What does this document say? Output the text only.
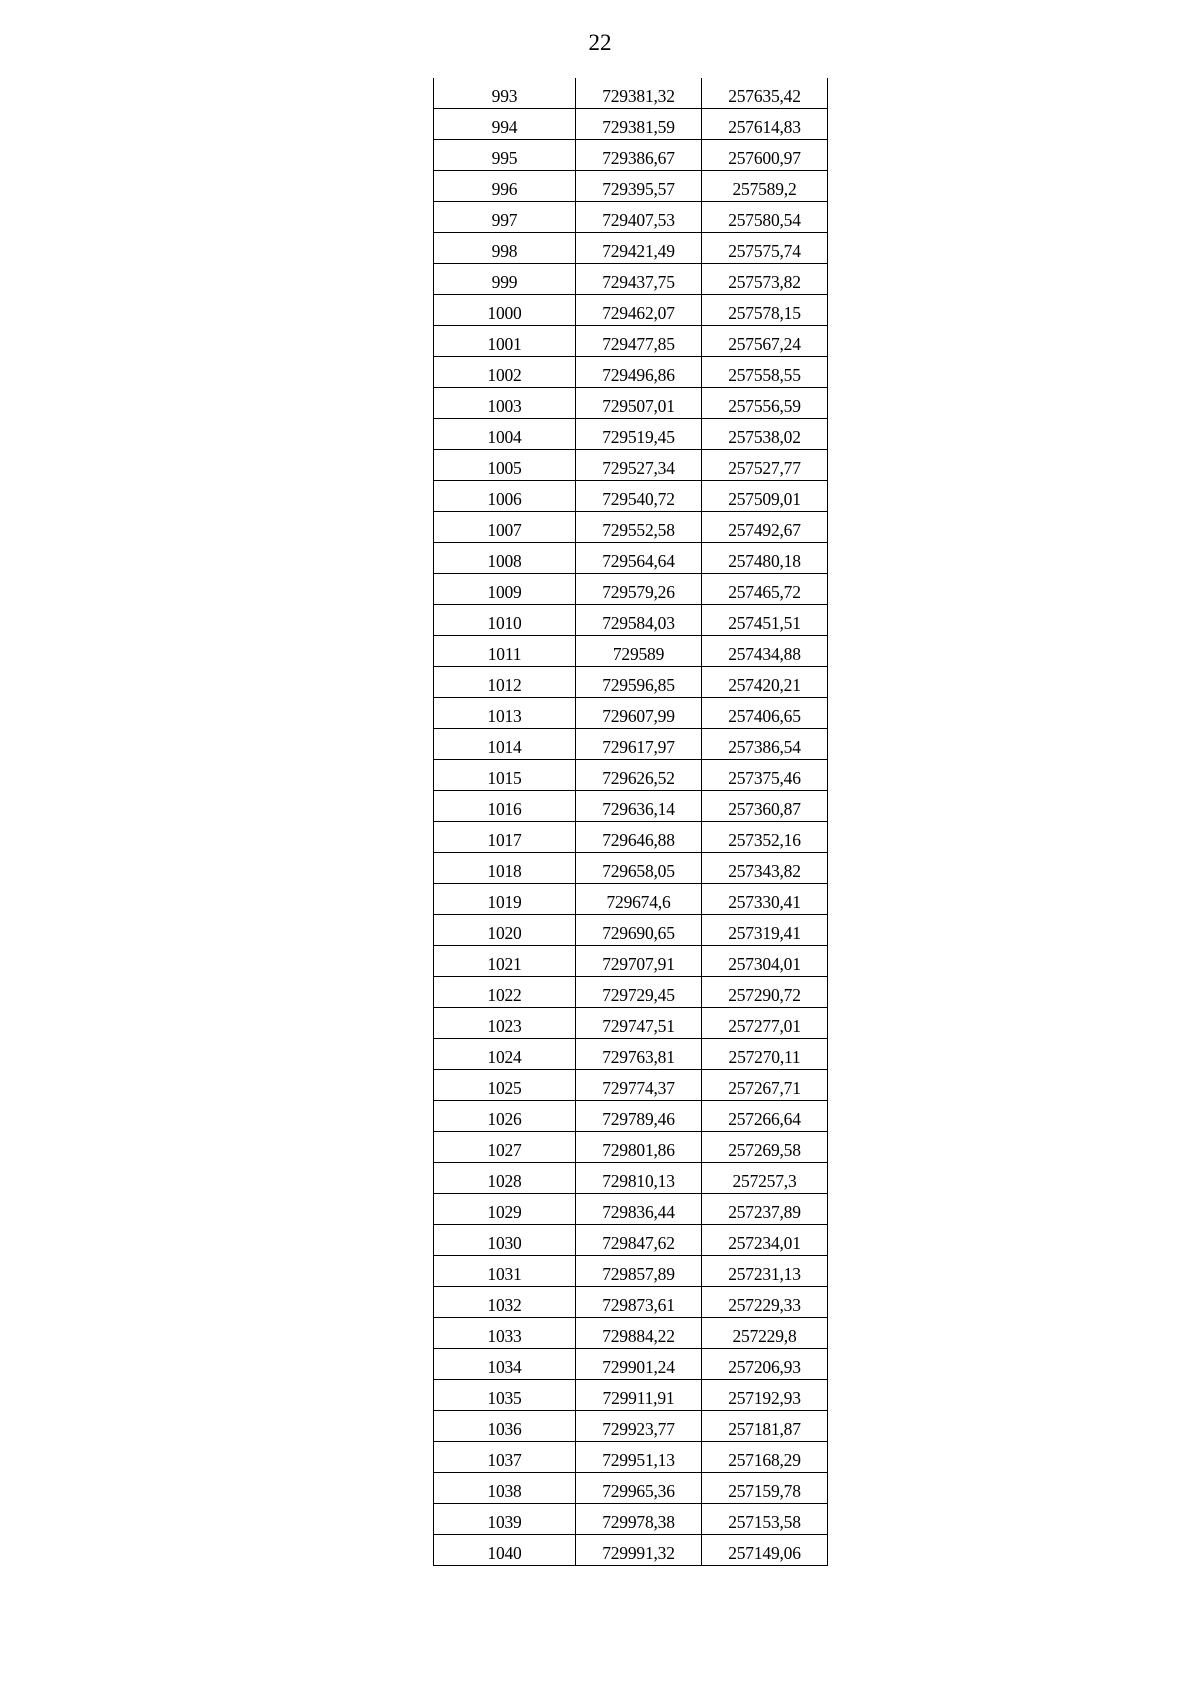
22
993	729381,32	257635,42

994	729381,59	257614,83

995	729386,67	257600,97

996	729395,57	257589,2

997	729407,53	257580,54

998	729421,49	257575,74

999	729437,75	257573,82

1000	729462,07	257578,15

1001	729477,85	257567,24

1002	729496,86	257558,55

1003	729507,01	257556,59

1004	729519,45	257538,02

1005	729527,34	257527,77

1006	729540,72	257509,01

1007	729552,58	257492,67

1008	729564,64	257480,18

1009	729579,26	257465,72

1010	729584,03	257451,51

1011	729589	257434,88

1012	729596,85	257420,21

1013	729607,99	257406,65

1014	729617,97	257386,54

1015	729626,52	257375,46

1016	729636,14	257360,87

1017	729646,88	257352,16

1018	729658,05	257343,82

1019	729674,6	257330,41

1020	729690,65	257319,41

1021	729707,91	257304,01

1022	729729,45	257290,72

1023	729747,51	257277,01

1024	729763,81	257270,11

1025	729774,37	257267,71

1026	729789,46	257266,64

1027	729801,86	257269,58

1028	729810,13	257257,3

1029	729836,44	257237,89

1030	729847,62	257234,01

1031	729857,89	257231,13

1032	729873,61	257229,33

1033	729884,22	257229,8

1034	729901,24	257206,93

1035	729911,91	257192,93

1036	729923,77	257181,87

1037	729951,13	257168,29

1038	729965,36	257159,78

1039	729978,38	257153,58

1040	729991,32	257149,06
